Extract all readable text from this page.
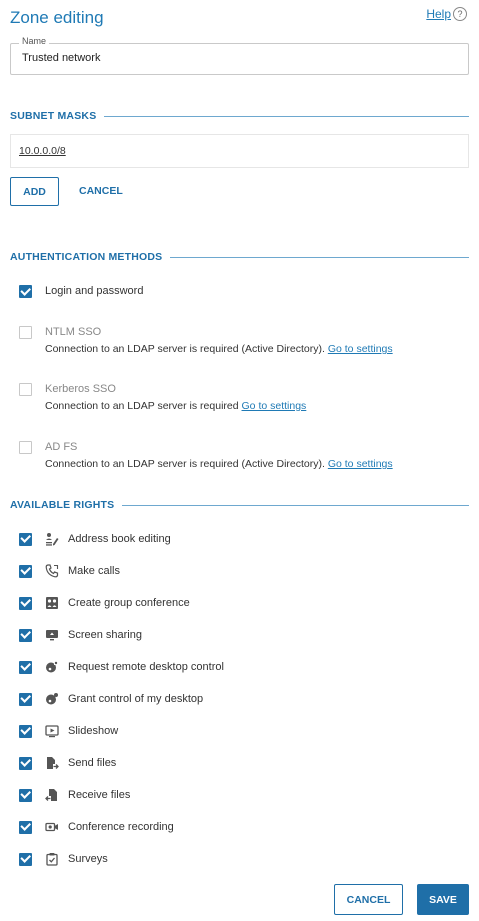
Zone editing	Help ?
Name
Trusted network
SUBNET MASKS
10.0.0.0/8
ADD	CANCEL
AUTHENTICATION METHODS
Login and password
NTLM SSO
Connection to an LDAP server is required (Active Directory). Go to settings
Kerberos SSO
Connection to an LDAP server is required Go to settings
AD FS
Connection to an LDAP server is required (Active Directory). Go to settings
AVAILABLE RIGHTS
Address book editing
Make calls
Create group conference
Screen sharing
Request remote desktop control
Grant control of my desktop
Slideshow
Send files
Receive files
Conference recording
Surveys
CANCEL	SAVE
